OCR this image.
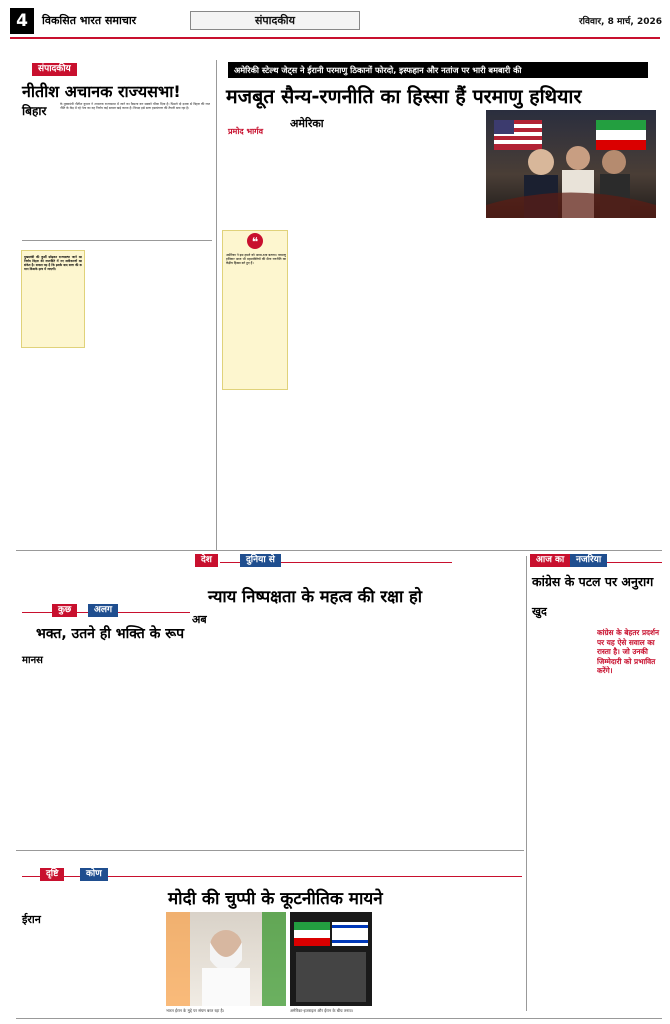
4	विकसित भारत समाचार	संपादकीय	रविवार, 8 मार्च, 2026
संपादकीय
नीतीश अचानक राज्यसभा!
बिहार	के मुख्यमंत्री नीतीश कुमार ने अचानक राज्यसभा में जाने का फैसला कर सबको चौंका दिया है। पिछले दो दशक से बिहार की राजनीति के केंद्र में रहे नेता का यह निर्णय कई सवाल खड़े करता है। विपक्ष इसे सत्ता हस्तांतरण की तैयारी बता रहा है।
मुख्यमंत्री की कुर्सी छोड़कर राज्यसभा जाने का निर्णय बिहार की राजनीति में नए समीकरणों का संकेत है। सवाल यह है कि इसके बाद सत्ता की कमान किसके हाथ में जाएगी।
अमेरिकी स्टेल्थ जेट्स ने ईरानी परमाणु ठिकानों फोरदो, इस्फहान और नतांज पर भारी बमबारी की
मजबूत सैन्य-रणनीति का हिस्सा हैं परमाणु हथियार
प्रमोद भार्गव
अमेरिका
❝
अमेरिका ने इस हमले को आत्म-रक्षा बताया। परमाणु हथियार आज भी महाशक्तियों की सैन्य रणनीति का केंद्रीय हिस्सा बने हुए हैं।
देश	दुनिया से
न्याय निष्पक्षता के महत्व की रक्षा हो
अब
आज का	नजरिया
कांग्रेस के पटल पर अनुराग
खुद
कांग्रेस के बेहतर प्रदर्शन पर यह ऐसे सवाल का रास्ता है। जो उनकी जिम्मेदारी को प्रभावित करेंगे।
कुछ	अलग
भक्त, उतने ही भक्ति के रूप
मानस
दृष्टि	कोण
मोदी की चुप्पी के कूटनीतिक मायने
ईरान
भारत ईरान के मुद्दे पर संयम बरत रहा है।	अमेरिका-इजराइल और ईरान के बीच तनाव।
